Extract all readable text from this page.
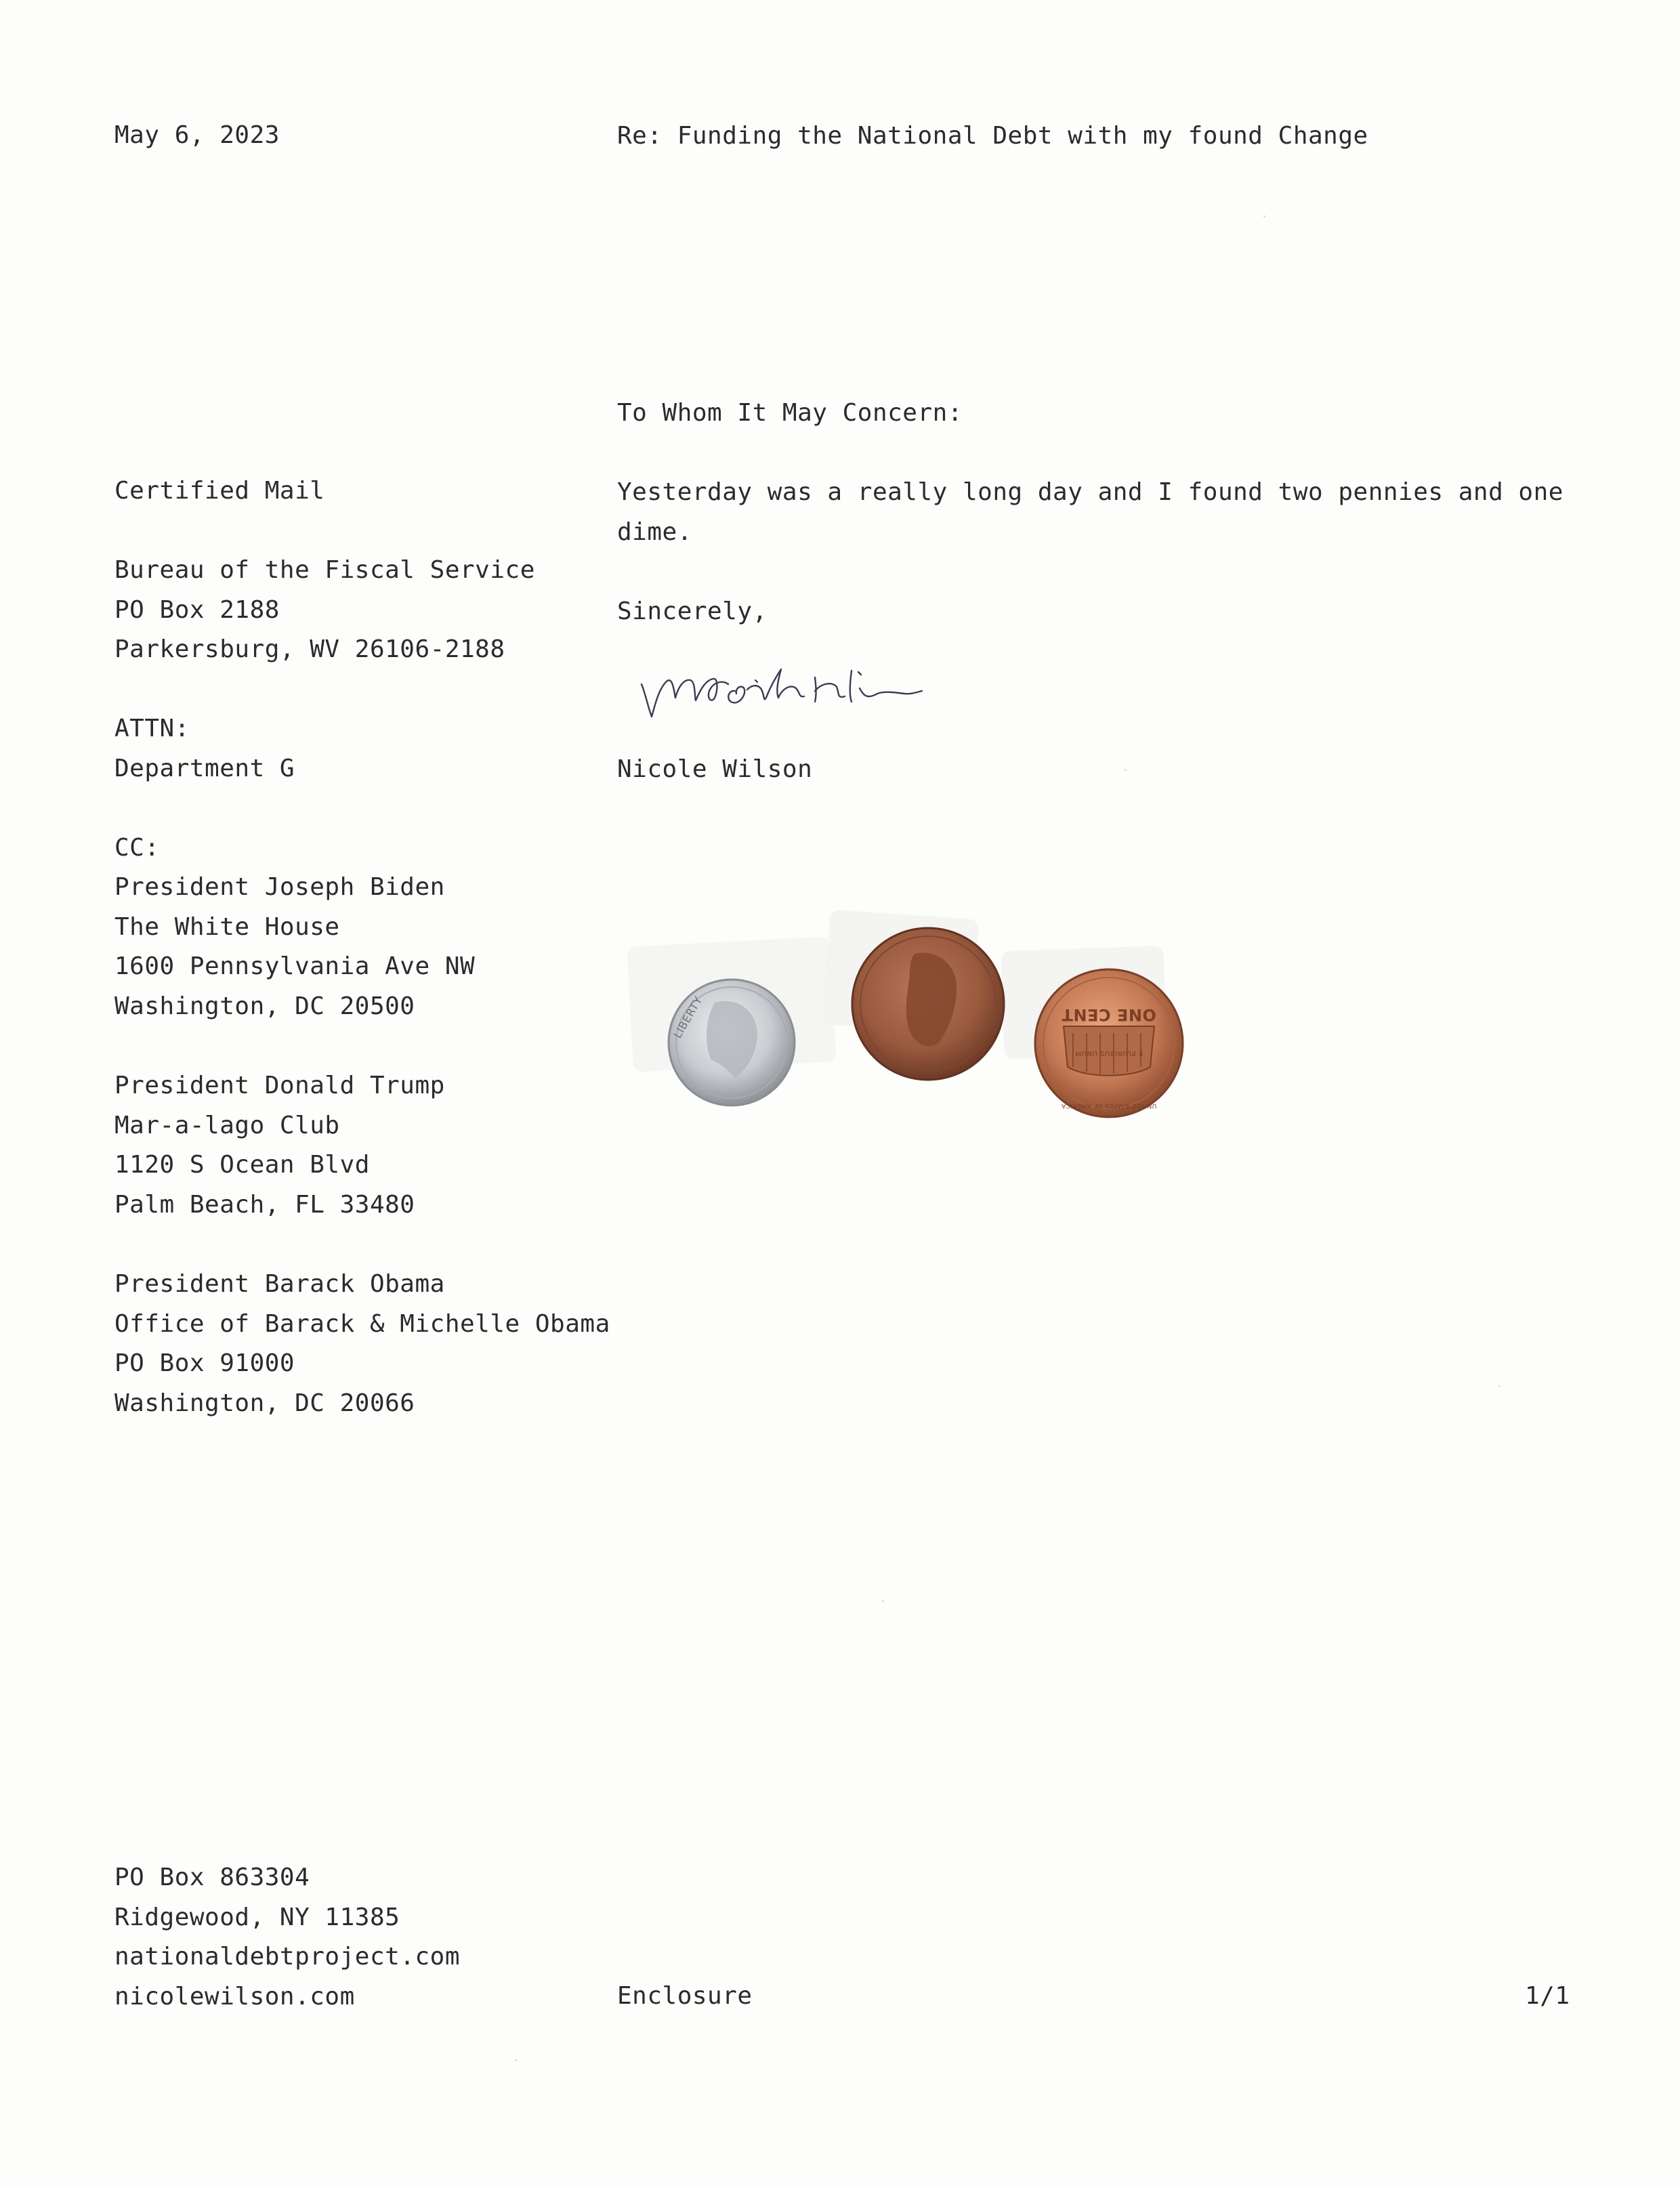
May 6, 2023	Re: Funding the National Debt with my found Change
To Whom It May Concern:
Certified Mail
Bureau of the Fiscal Service
PO Box 2188
Parkersburg, WV 26106-2188
ATTN:
Department G
CC:
President Joseph Biden
The White House
1600 Pennsylvania Ave NW
Washington, DC 20500
President Donald Trump
Mar-a-lago Club
1120 S Ocean Blvd
Palm Beach, FL 33480
President Barack Obama
Office of Barack & Michelle Obama
PO Box 91000
Washington, DC 20066
Yesterday was a really long day and I found two pennies and one
dime.
Sincerely,
Nicole Wilson
LIBERTY	ONE CENT
E PLURIBUS UNUM
UNITED STATES OF AMERICA
PO Box 863304
Ridgewood, NY 11385
nationaldebtproject.com
nicolewilson.com	Enclosure	1/1
